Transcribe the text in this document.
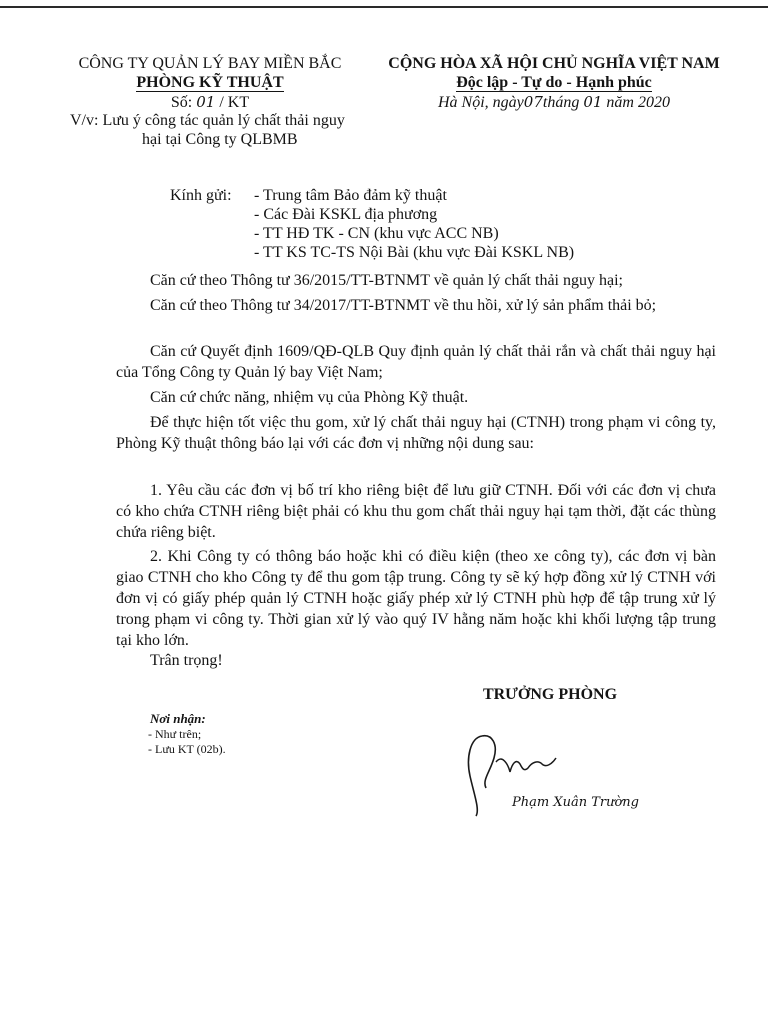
CÔNG TY QUẢN LÝ BAY MIỀN BẮC
PHÒNG KỸ THUẬT
Số: 01 / KT
V/v: Lưu ý công tác quản lý chất thải nguy
hại tại Công ty QLBMB
CỘNG HÒA XÃ HỘI CHỦ NGHĨA VIỆT NAM
Độc lập - Tự do - Hạnh phúc
Hà Nội, ngày07tháng 01 năm 2020
Kính gửi: - Trung tâm Bảo đảm kỹ thuật
- Các Đài KSKL địa phương
- TT HĐ TK - CN (khu vực ACC NB)
- TT KS TC-TS Nội Bài (khu vực Đài KSKL NB)
Căn cứ theo Thông tư 36/2015/TT-BTNMT về quản lý chất thải nguy hại;
Căn cứ theo Thông tư 34/2017/TT-BTNMT về thu hồi, xử lý sản phẩm thải bỏ;
Căn cứ Quyết định 1609/QĐ-QLB Quy định quản lý chất thải rắn và chất thải nguy hại của Tổng Công ty Quản lý bay Việt Nam;
Căn cứ chức năng, nhiệm vụ của Phòng Kỹ thuật.
Để thực hiện tốt việc thu gom, xử lý chất thải nguy hại (CTNH) trong phạm vi công ty, Phòng Kỹ thuật thông báo lại với các đơn vị những nội dung sau:
1. Yêu cầu các đơn vị bố trí kho riêng biệt để lưu giữ CTNH. Đối với các đơn vị chưa có kho chứa CTNH riêng biệt phải có khu thu gom chất thải nguy hại tạm thời, đặt các thùng chứa riêng biệt.
2. Khi Công ty có thông báo hoặc khi có điều kiện (theo xe công ty), các đơn vị bàn giao CTNH cho kho Công ty để thu gom tập trung. Công ty sẽ ký hợp đồng xử lý CTNH với đơn vị có giấy phép quản lý CTNH hoặc giấy phép xử lý CTNH phù hợp để tập trung xử lý trong phạm vi công ty. Thời gian xử lý vào quý IV hằng năm hoặc khi khối lượng tập trung tại kho lớn.
Trân trọng!
TRƯỞNG PHÒNG
Phạm Xuân Trường
Nơi nhận:
- Như trên;
- Lưu KT (02b).
